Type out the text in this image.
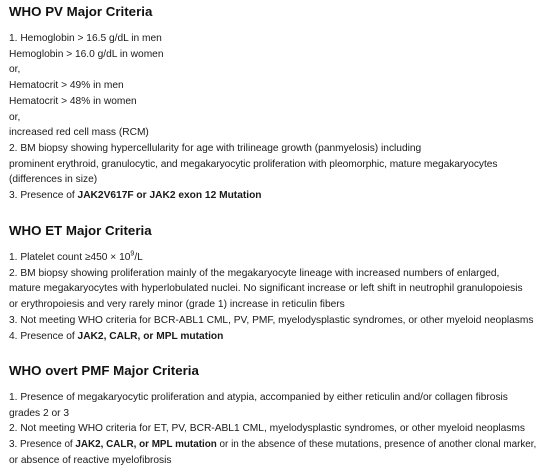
WHO PV Major Criteria
1. Hemoglobin > 16.5 g/dL in men
Hemoglobin > 16.0 g/dL in women
or,
Hematocrit > 49% in men
Hematocrit > 48% in women
or,
increased red cell mass (RCM)
2. BM biopsy showing hypercellularity for age with trilineage growth (panmyelosis) including
prominent erythroid, granulocytic, and megakaryocytic proliferation with pleomorphic, mature megakaryocytes
(differences in size)
3. Presence of JAK2V617F or JAK2 exon 12 Mutation
WHO ET Major Criteria
1. Platelet count $\ge 450 \times 10^9/L$
2. BM biopsy showing proliferation mainly of the megakaryocyte lineage with increased numbers of enlarged,
mature megakaryocytes with hyperlobulated nuclei. No significant increase or left shift in neutrophil granulopoiesis
or erythropoiesis and very rarely minor (grade 1) increase in reticulin fibers
3. Not meeting WHO criteria for BCR-ABL1 CML, PV, PMF, myelodysplastic syndromes, or other myeloid neoplasms
4. Presence of JAK2, CALR, or MPL mutation
WHO overt PMF Major Criteria
1. Presence of megakaryocytic proliferation and atypia, accompanied by either reticulin and/or collagen fibrosis
grades 2 or 3
2. Not meeting WHO criteria for ET, PV, BCR-ABL1 CML, myelodysplastic syndromes, or other myeloid neoplasms
3. Presence of JAK2, CALR, or MPL mutation or in the absence of these mutations, presence of another clonal marker,
or absence of reactive myelofibrosis
